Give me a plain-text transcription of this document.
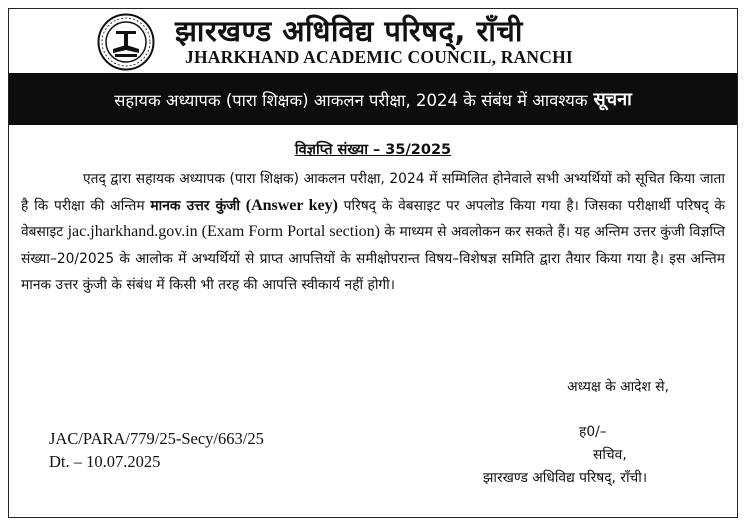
झारखण्ड अधिविद्य परिषद्, राँची
JHARKHAND ACADEMIC COUNCIL, RANCHI
सहायक अध्यापक (पारा शिक्षक) आकलन परीक्षा, 2024 के संबंध में आवश्यक सूचना
विज्ञप्ति संख्या – 35/2025
एतद् द्वारा सहायक अध्यापक (पारा शिक्षक) आकलन परीक्षा, 2024 में सम्मिलित होनेवाले सभी अभ्यर्थियों को सूचित किया जाता है कि परीक्षा की अन्तिम मानक उत्तर कुंजी (Answer key) परिषद् के वेबसाइट पर अपलोड किया गया है। जिसका परीक्षार्थी परिषद् के वेबसाइट jac.jharkhand.gov.in (Exam Form Portal section) के माध्यम से अवलोकन कर सकते हैं। यह अन्तिम उत्तर कुंजी विज्ञप्ति संख्या–20/2025 के आलोक में अभ्यर्थियों से प्राप्त आपत्तियों के समीक्षोपरान्त विषय–विशेषज्ञ समिति द्वारा तैयार किया गया है। इस अन्तिम मानक उत्तर कुंजी के संबंध में किसी भी तरह की आपत्ति स्वीकार्य नहीं होगी।
अध्यक्ष के आदेश से,
JAC/PARA/779/25-Secy/663/25
Dt. – 10.07.2025
ह0/–
सचिव,
झारखण्ड अधिविद्य परिषद्, राँची।
